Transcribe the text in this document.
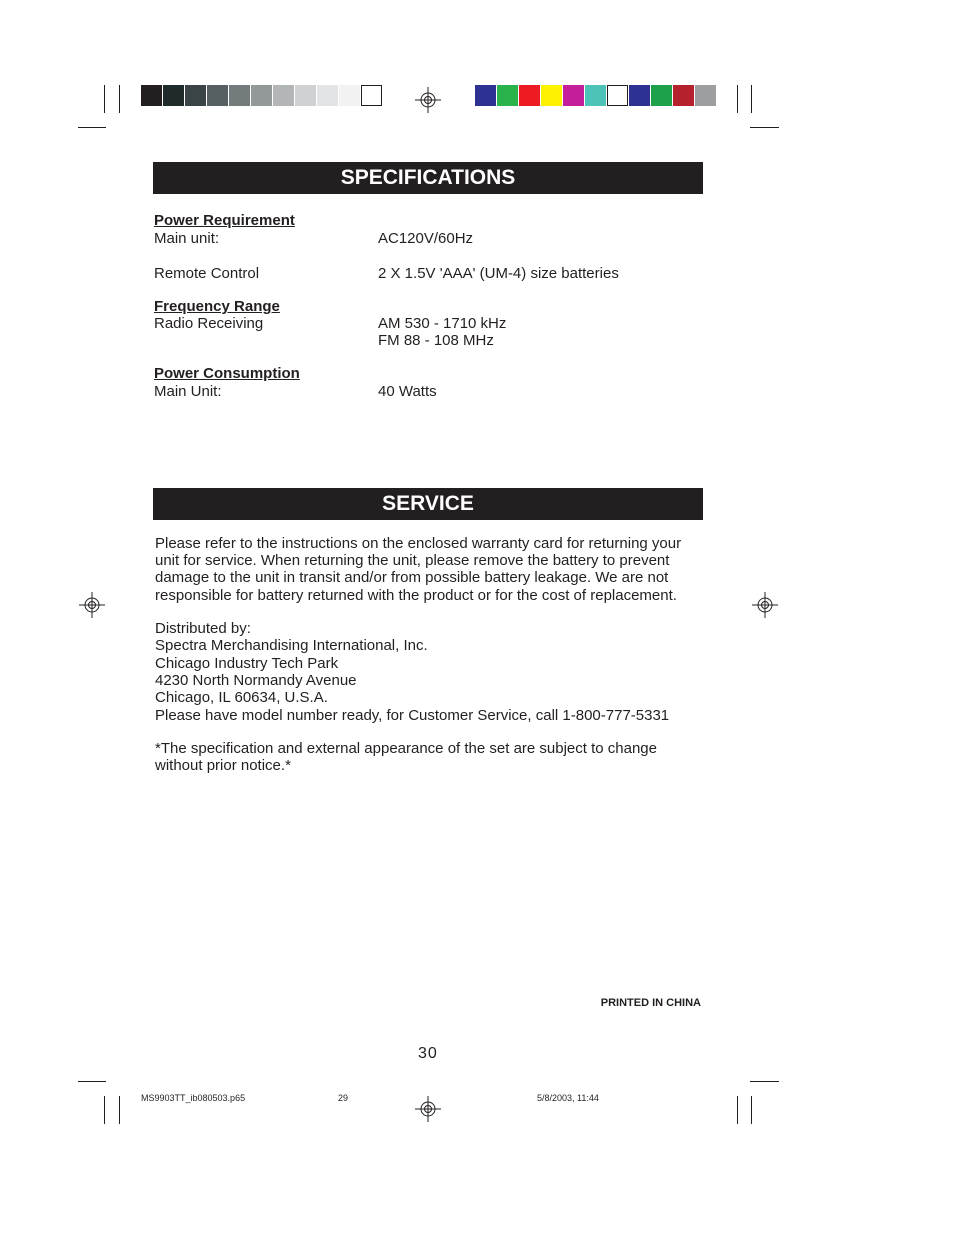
SPECIFICATIONS
Power Requirement
Main unit:	AC120V/60Hz
Remote Control	2 X 1.5V 'AAA' (UM-4) size batteries
Frequency Range
Radio Receiving	AM 530 - 1710 kHz
FM 88 - 108 MHz
Power Consumption
Main Unit:	40 Watts
SERVICE
Please refer to the instructions on the enclosed warranty card for returning your
unit for service. When returning the unit, please remove the battery to prevent
damage to the unit in transit and/or from possible battery leakage. We are not
responsible for battery returned with the product or for the cost of replacement.
Distributed by:
Spectra Merchandising International, Inc.
Chicago Industry Tech Park
4230 North Normandy Avenue
Chicago, IL 60634, U.S.A.
Please have model number ready, for Customer Service, call 1-800-777-5331
*The specification and external appearance of the set are subject to change
without prior notice.*
PRINTED IN CHINA
30
MS9903TT_ib080503.p65	29	5/8/2003, 11:44
